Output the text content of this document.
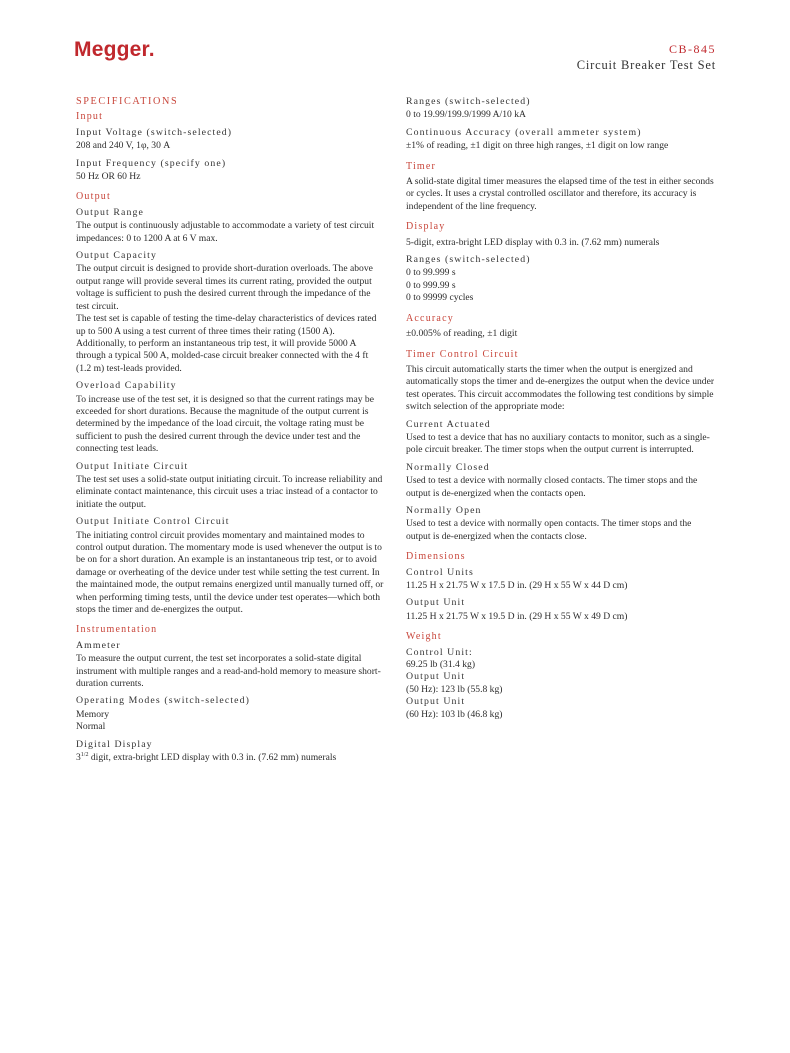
Megger.	CB-845
Circuit Breaker Test Set
SPECIFICATIONS
Input
Input Voltage (switch-selected)
208 and 240 V, 1φ, 30 A
Input Frequency (specify one)
50 Hz OR 60 Hz
Output
Output Range
The output is continuously adjustable to accommodate a variety of test circuit impedances: 0 to 1200 A at 6 V max.
Output Capacity
The output circuit is designed to provide short-duration overloads. The above output range will provide several times its current rating, provided the output voltage is sufficient to push the desired current through the impedance of the test circuit.
The test set is capable of testing the time-delay characteristics of devices rated up to 500 A using a test current of three times their rating (1500 A). Additionally, to perform an instantaneous trip test, it will provide 5000 A through a typical 500 A, molded-case circuit breaker connected with the 4 ft (1.2 m) test-leads provided.
Overload Capability
To increase use of the test set, it is designed so that the current ratings may be exceeded for short durations. Because the magnitude of the output current is determined by the impedance of the load circuit, the voltage rating must be sufficient to push the desired current through the device under test and the connecting test leads.
Output Initiate Circuit
The test set uses a solid-state output initiating circuit. To increase reliability and eliminate contact maintenance, this circuit uses a triac instead of a contactor to initiate the output.
Output Initiate Control Circuit
The initiating control circuit provides momentary and maintained modes to control output duration. The momentary mode is used whenever the output is to be on for a short duration. An example is an instantaneous trip test, or to avoid damage or overheating of the device under test while setting the test current. In the maintained mode, the output remains energized until manually turned off, or when performing timing tests, until the device under test operates—which both stops the timer and de-energizes the output.
Instrumentation
Ammeter
To measure the output current, the test set incorporates a solid-state digital instrument with multiple ranges and a read-and-hold memory to measure short-duration currents.
Operating Modes (switch-selected)
Memory
Normal
Digital Display
$3^{1/2}$ digit, extra-bright LED display with 0.3 in. (7.62 mm) numerals
Ranges (switch-selected)
0 to 19.99/199.9/1999 A/10 kA
Continuous Accuracy (overall ammeter system)
±1% of reading, ±1 digit on three high ranges, ±1 digit on low range
Timer
A solid-state digital timer measures the elapsed time of the test in either seconds or cycles. It uses a crystal controlled oscillator and therefore, its accuracy is independent of the line frequency.
Display
5-digit, extra-bright LED display with 0.3 in. (7.62 mm) numerals
Ranges (switch-selected)
0 to 99.999 s
0 to 999.99 s
0 to 99999 cycles
Accuracy
±0.005% of reading, ±1 digit
Timer Control Circuit
This circuit automatically starts the timer when the output is energized and automatically stops the timer and de-energizes the output when the device under test operates. This circuit accommodates the following test conditions by simple switch selection of the appropriate mode:
Current Actuated
Used to test a device that has no auxiliary contacts to monitor, such as a single-pole circuit breaker. The timer stops when the output current is interrupted.
Normally Closed
Used to test a device with normally closed contacts. The timer stops and the output is de-energized when the contacts open.
Normally Open
Used to test a device with normally open contacts. The timer stops and the output is de-energized when the contacts close.
Dimensions
Control Units
11.25 H x 21.75 W x 17.5 D in. (29 H x 55 W x 44 D cm)
Output Unit
11.25 H x 21.75 W x 19.5 D in. (29 H x 55 W x 49 D cm)
Weight
Control Unit:
69.25 lb (31.4 kg)
Output Unit
(50 Hz): 123 lb (55.8 kg)
Output Unit
(60 Hz): 103 lb (46.8 kg)
